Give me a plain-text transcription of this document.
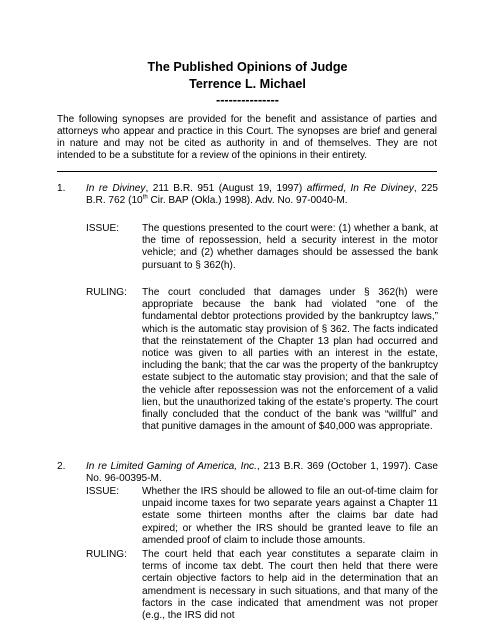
The Published Opinions of Judge
Terrence L. Michael
---------------
The following synopses are provided for the benefit and assistance of parties and attorneys who appear and practice in this Court. The synopses are brief and general in nature and may not be cited as authority in and of themselves. They are not intended to be a substitute for a review of the opinions in their entirety.
1. In re Diviney, 211 B.R. 951 (August 19, 1997) affirmed, In Re Diviney, 225 B.R. 762 (10th Cir. BAP (Okla.) 1998). Adv. No. 97-0040-M.
ISSUE: The questions presented to the court were: (1) whether a bank, at the time of repossession, held a security interest in the motor vehicle; and (2) whether damages should be assessed the bank pursuant to § 362(h).
RULING: The court concluded that damages under § 362(h) were appropriate because the bank had violated “one of the fundamental debtor protections provided by the bankruptcy laws,” which is the automatic stay provision of § 362. The facts indicated that the reinstatement of the Chapter 13 plan had occurred and notice was given to all parties with an interest in the estate, including the bank; that the car was the property of the bankruptcy estate subject to the automatic stay provision; and that the sale of the vehicle after repossession was not the enforcement of a valid lien, but the unauthorized taking of the estate’s property. The court finally concluded that the conduct of the bank was “willful” and that punitive damages in the amount of $40,000 was appropriate.
2. In re Limited Gaming of America, Inc., 213 B.R. 369 (October 1, 1997). Case No. 96-00395-M.
ISSUE: Whether the IRS should be allowed to file an out-of-time claim for unpaid income taxes for two separate years against a Chapter 11 estate some thirteen months after the claims bar date had expired; or whether the IRS should be granted leave to file an amended proof of claim to include those amounts.
RULING: The court held that each year constitutes a separate claim in terms of income tax debt. The court then held that there were certain objective factors to help aid in the determination that an amendment is necessary in such situations, and that many of the factors in the case indicated that amendment was not proper (e.g., the IRS did not
